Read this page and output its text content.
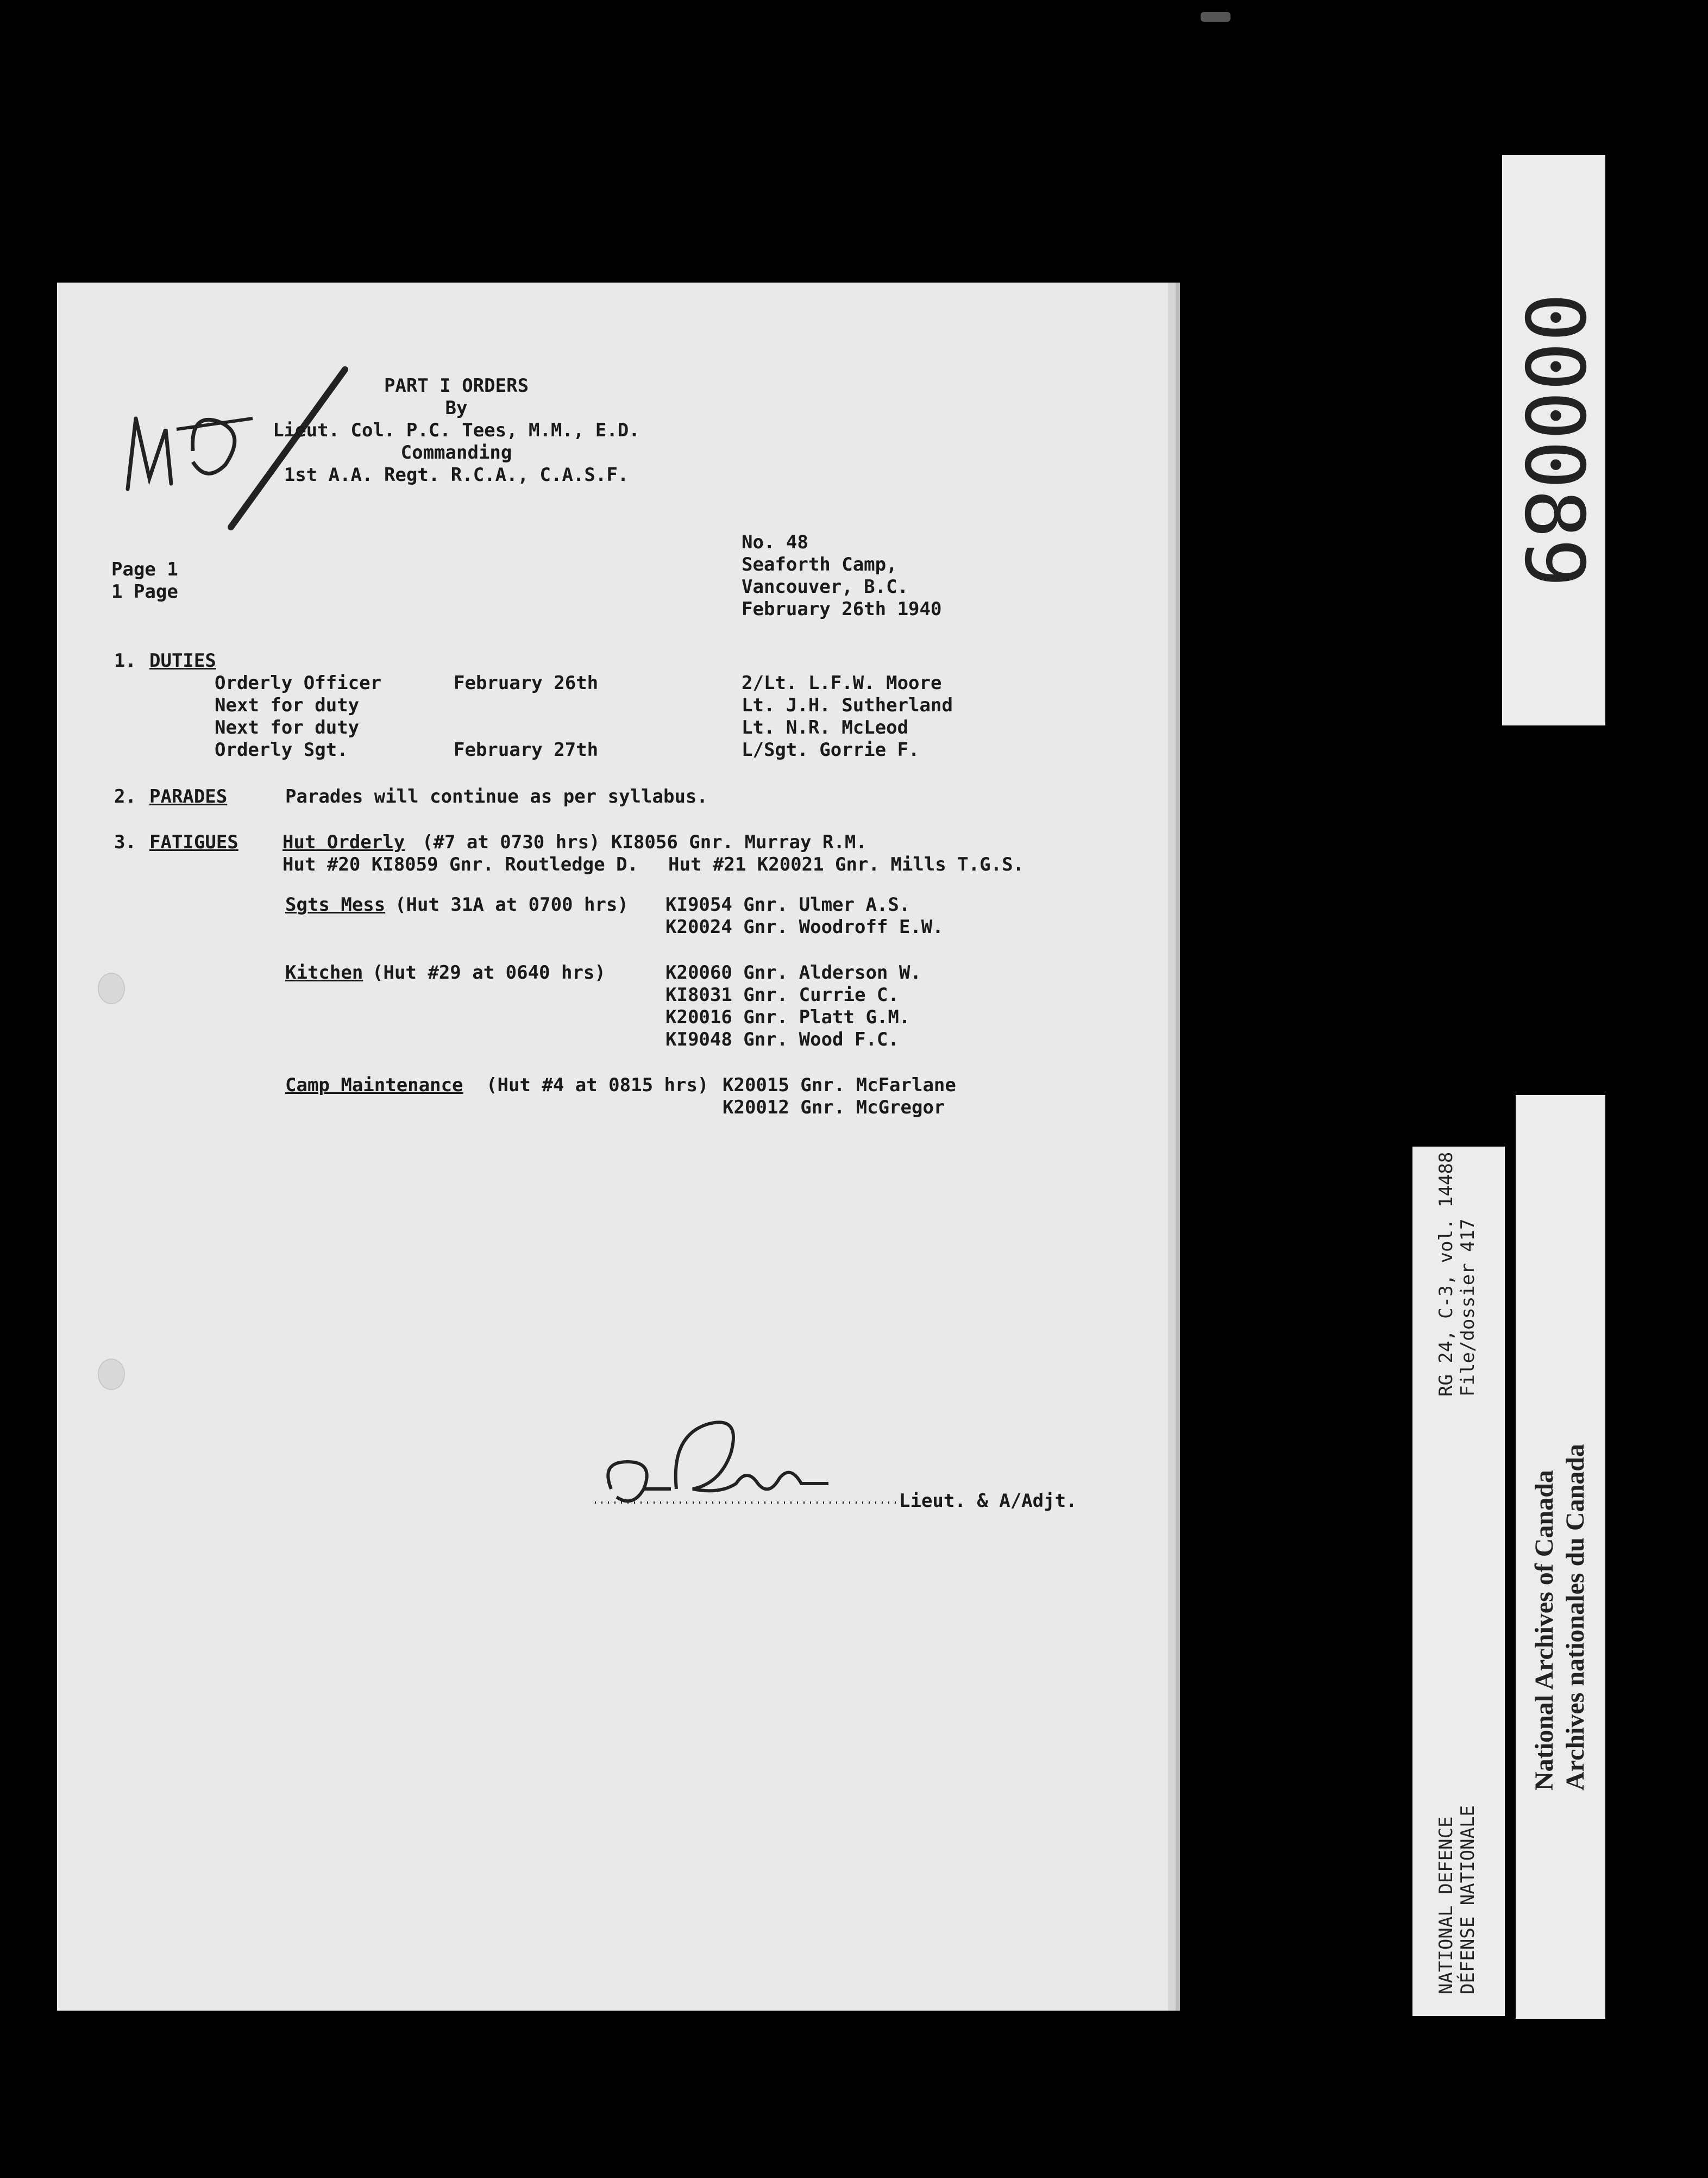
PART I ORDERS
By
Lieut. Col. P.C. Tees, M.M., E.D.
Commanding
1st A.A. Regt. R.C.A., C.A.S.F.
No. 48
Seaforth Camp,
Vancouver, B.C.
February 26th 1940
Page 1
1 Page
1. DUTIES
Orderly Officer	February 26th	2/Lt. L.F.W. Moore
Next for duty	Lt. J.H. Sutherland
Next for duty	Lt. N.R. McLeod
Orderly Sgt.	February 27th	L/Sgt. Gorrie F.
2. PARADES	Parades will continue as per syllabus.
3. FATIGUES Hut Orderly (#7 at 0730 hrs) KI8056 Gnr. Murray R.M.
Hut #20 KI8059 Gnr. Routledge D. Hut #21 K20021 Gnr. Mills T.G.S.
Sgts Mess (Hut 31A at 0700 hrs) KI9054 Gnr. Ulmer A.S.
K20024 Gnr. Woodroff E.W.
Kitchen (Hut #29 at 0640 hrs)	K20060 Gnr. Alderson W.
KI8031 Gnr. Currie C.
K20016 Gnr. Platt G.M.
KI9048 Gnr. Wood F.C.
Camp Maintenance (Hut #4 at 0815 hrs) K20015 Gnr. McFarlane
K20012 Gnr. McGregor
Lieut. & A/Adjt.
000089
RG 24, C-3, vol. 14488 File/dossier 417
NATIONAL DEFENCE DÉFENSE NATIONALE
National Archives of Canada Archives nationales du Canada
